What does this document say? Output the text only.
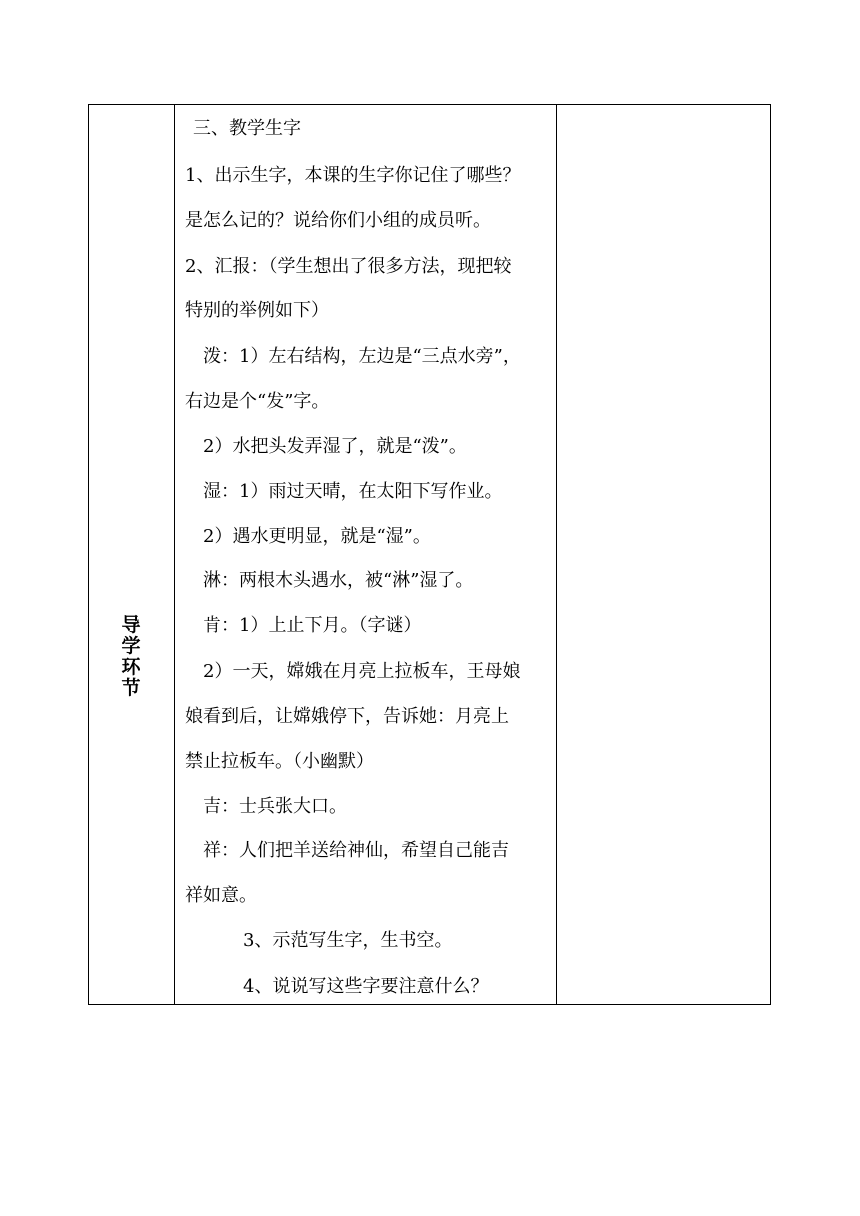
导学环节
三、教学生字
1、出示生字，本课的生字你记住了哪些？
是怎么记的？说给你们小组的成员听。
2、汇报：（学生想出了很多方法，现把较
特别的举例如下）
泼：1）左右结构，左边是“三点水旁”，
右边是个“发”字。
2）水把头发弄湿了，就是“泼”。
湿：1）雨过天晴，在太阳下写作业。
2）遇水更明显，就是“湿”。
淋：两根木头遇水，被“淋”湿了。
肯：1）上止下月。（字谜）
2）一天，嫦娥在月亮上拉板车，王母娘
娘看到后，让嫦娥停下，告诉她：月亮上
禁止拉板车。（小幽默）
吉：士兵张大口。
祥：人们把羊送给神仙，希望自己能吉
祥如意。
3、示范写生字，生书空。
4、说说写这些字要注意什么？
